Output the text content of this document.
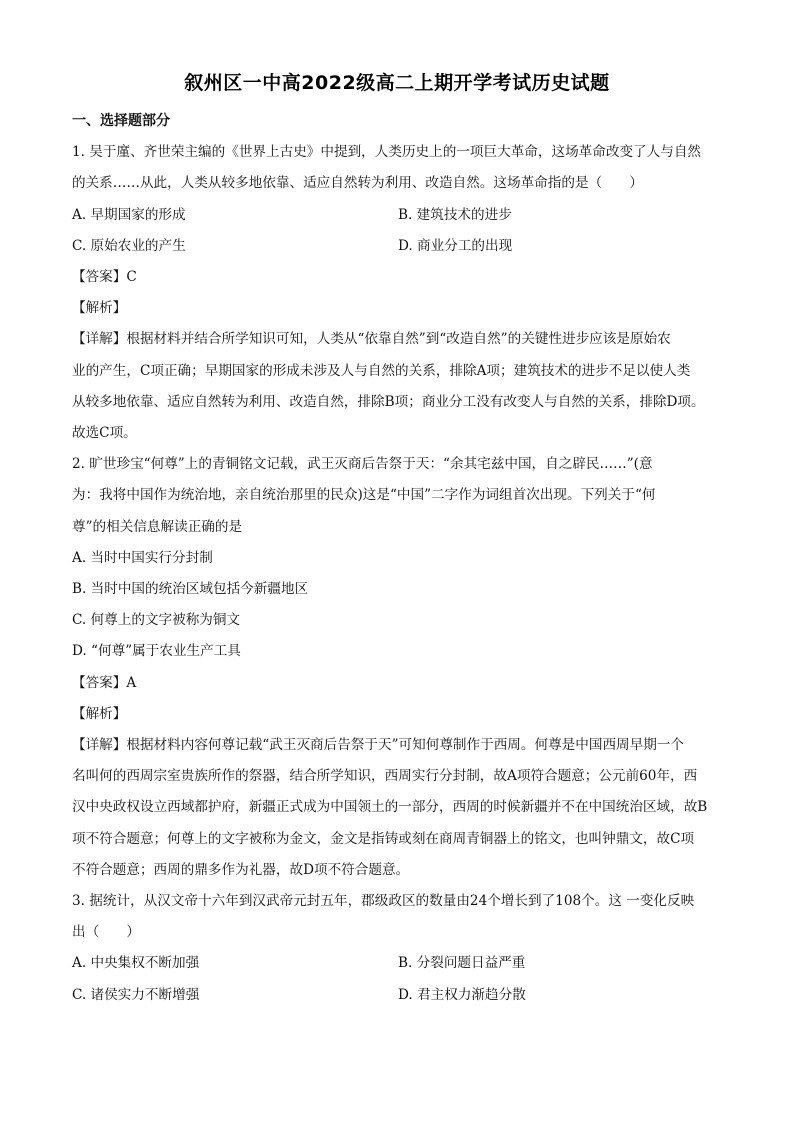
叙州区一中高2022级高二上期开学考试历史试题
一、选择题部分
1. 吴于廑、齐世荣主编的《世界上古史》中提到，人类历史上的一项巨大革命，这场革命改变了人与自然
的关系……从此，人类从较多地依靠、适应自然转为利用、改造自然。这场革命指的是（　　）
A. 早期国家的形成	B. 建筑技术的进步
C. 原始农业的产生	D. 商业分工的出现
【答案】C
【解析】
【详解】根据材料并结合所学知识可知，人类从“依靠自然”到“改造自然”的关键性进步应该是原始农
业的产生，C项正确；早期国家的形成未涉及人与自然的关系，排除A项；建筑技术的进步不足以使人类
从较多地依靠、适应自然转为利用、改造自然，排除B项；商业分工没有改变人与自然的关系，排除D项。
故选C项。
2. 旷世珍宝“何尊”上的青铜铭文记载，武王灭商后告祭于天：“余其宅兹中国，自之辟民……”(意
为：我将中国作为统治地，亲自统治那里的民众)这是“中国”二字作为词组首次出现。下列关于“何
尊”的相关信息解读正确的是
A. 当时中国实行分封制
B. 当时中国的统治区域包括今新疆地区
C. 何尊上的文字被称为铜文
D. “何尊”属于农业生产工具
【答案】A
【解析】
【详解】根据材料内容何尊记载“武王灭商后告祭于天”可知何尊制作于西周。何尊是中国西周早期一个
名叫何的西周宗室贵族所作的祭器，结合所学知识，西周实行分封制，故A项符合题意；公元前60年，西
汉中央政权设立西域都护府，新疆正式成为中国领土的一部分，西周的时候新疆并不在中国统治区域，故B
项不符合题意；何尊上的文字被称为金文，金文是指铸或刻在商周青铜器上的铭文，也叫钟鼎文，故C项
不符合题意；西周的鼎多作为礼器，故D项不符合题意。
3. 据统计，从汉文帝十六年到汉武帝元封五年，郡级政区的数量由24个增长到了108个。这 一变化反映
出（　　）
A. 中央集权不断加强	B. 分裂问题日益严重
C. 诸侯实力不断增强	D. 君主权力渐趋分散
